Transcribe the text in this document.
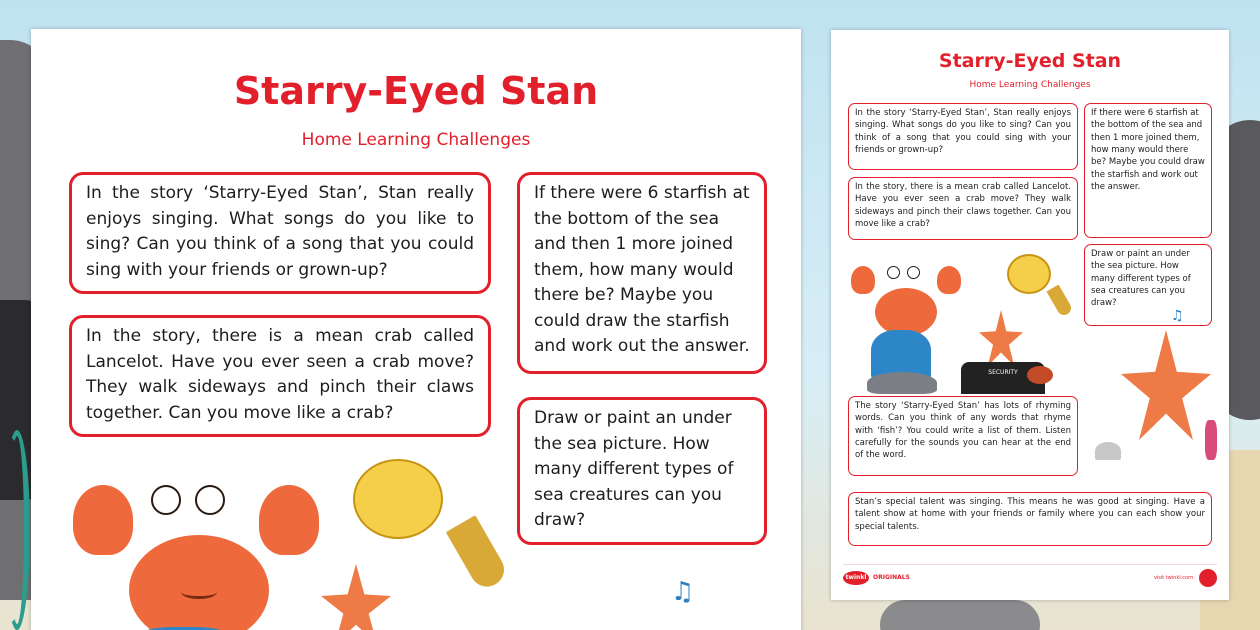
Starry-Eyed Stan
Home Learning Challenges
In the story ‘Starry-Eyed Stan’, Stan really enjoys singing. What songs do you like to sing? Can you think of a song that you could sing with your friends or grown-up?
In the story, there is a mean crab called Lancelot. Have you ever seen a crab move? They walk sideways and pinch their claws together. Can you move like a crab?
If there were 6 starfish at the bottom of the sea and then 1 more joined them, how many would there be? Maybe you could draw the starfish and work out the answer.
Draw or paint an under the sea picture. How many different types of sea creatures can you draw?
♫
Starry-Eyed Stan
Home Learning Challenges
In the story ‘Starry-Eyed Stan’, Stan really enjoys singing. What songs do you like to sing? Can you think of a song that you could sing with your friends or grown-up?
In the story, there is a mean crab called Lancelot. Have you ever seen a crab move? They walk sideways and pinch their claws together. Can you move like a crab?
If there were 6 starfish at the bottom of the sea and then 1 more joined them, how many would there be? Maybe you could draw the starfish and work out the answer.
Draw or paint an under the sea picture. How many different types of sea creatures can you draw?
The story ‘Starry-Eyed Stan’ has lots of rhyming words. Can you think of any words that rhyme with ‘fish’? You could write a list of them. Listen carefully for the sounds you can hear at the end of the word.
Stan’s special talent was singing. This means he was good at singing. Have a talent show at home with your friends or family where you can each show your special talents.
SECURITY
♫
twinkl	ORIGINALS	visit twinkl.com
